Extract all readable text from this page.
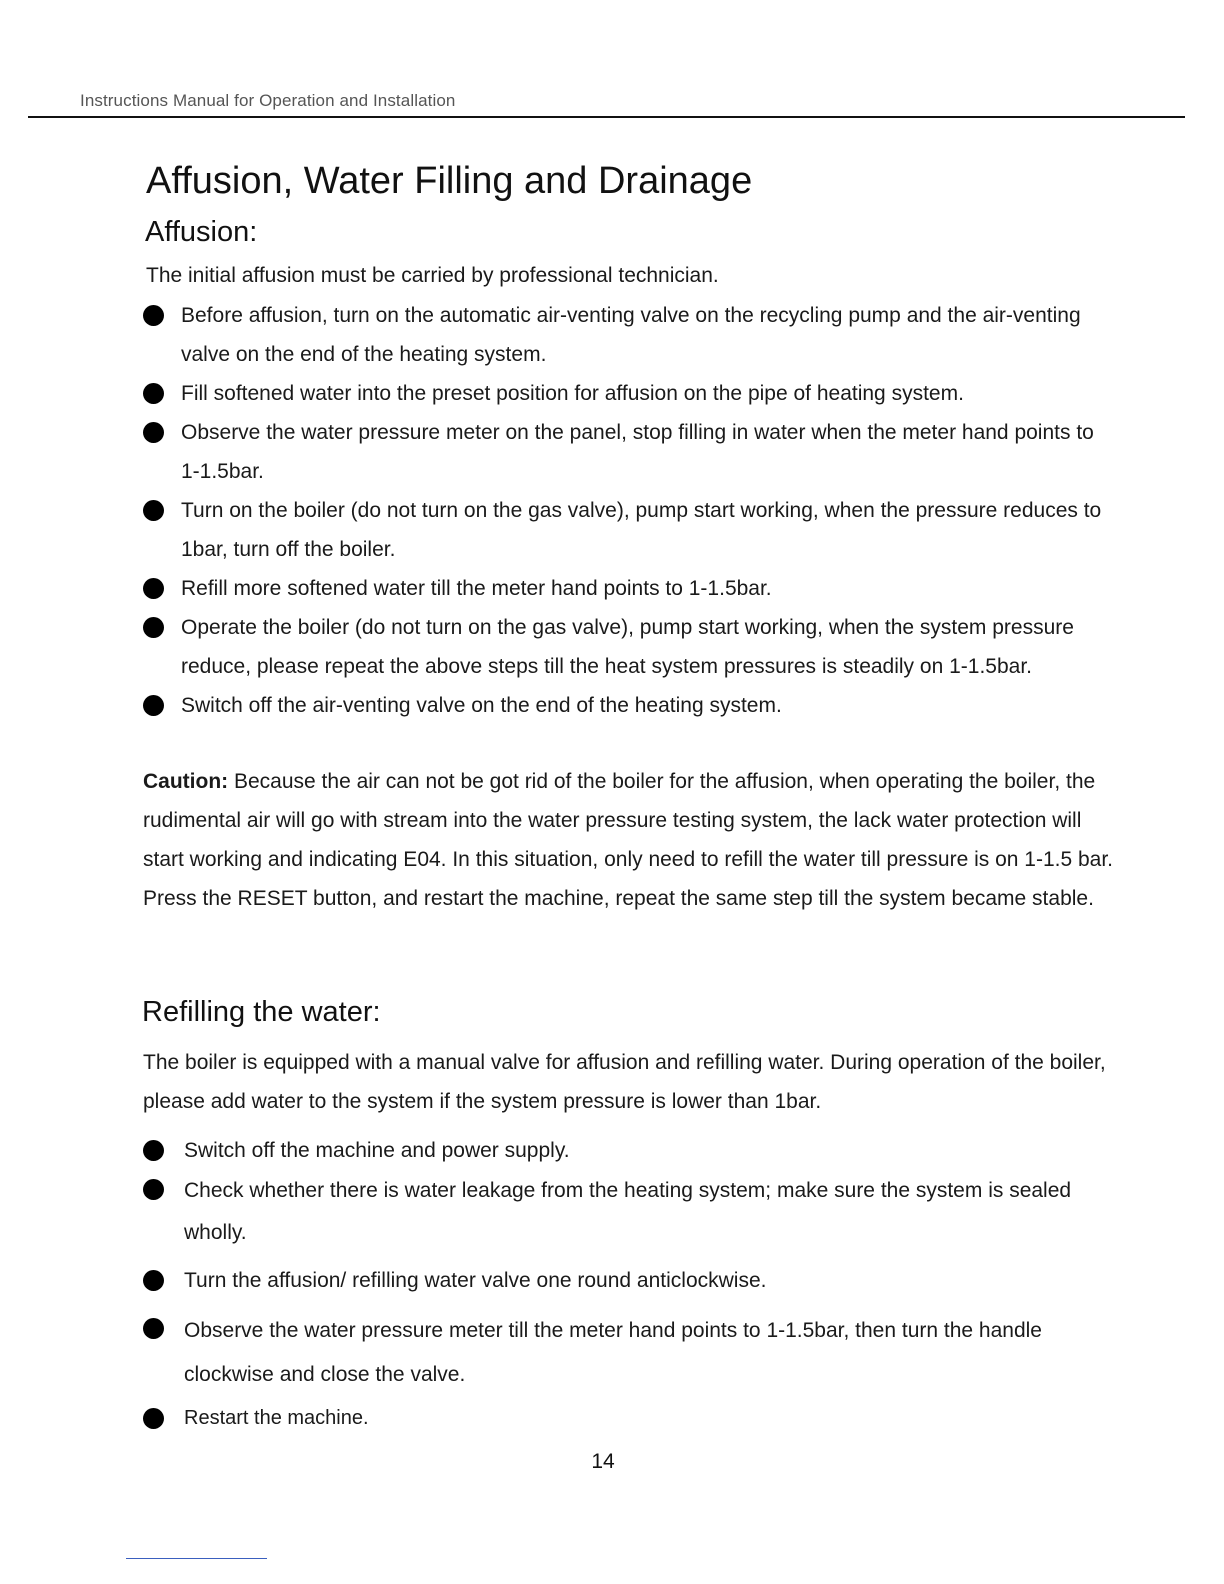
Instructions Manual for Operation and Installation
Affusion, Water Filling and Drainage
Affusion:

The initial affusion must be carried by professional technician.

Before affusion, turn on the automatic air-venting valve on the recycling pump and the air-venting valve on the end of the heating system.
Fill softened water into the preset position for affusion on the pipe of heating system.
Observe the water pressure meter on the panel, stop filling in water when the meter hand points to 1-1.5bar.
Turn on the boiler (do not turn on the gas valve), pump start working, when the pressure reduces to 1bar, turn off the boiler.
Refill more softened water till the meter hand points to 1-1.5bar.
Operate the boiler (do not turn on the gas valve), pump start working, when the system pressure reduce, please repeat the above steps till the heat system pressures is steadily on 1-1.5bar.
Switch off the air-venting valve on the end of the heating system.

Caution: Because the air can not be got rid of the boiler for the affusion, when operating the boiler, the rudimental air will go with stream into the water pressure testing system, the lack water protection will start working and indicating E04. In this situation, only need to refill the water till pressure is on 1-1.5 bar. Press the RESET button, and restart the machine, repeat the same step till the system became stable.

Refilling the water:

The boiler is equipped with a manual valve for affusion and refilling water. During operation of the boiler, please add water to the system if the system pressure is lower than 1bar.

Switch off the machine and power supply.
Check whether there is water leakage from the heating system; make sure the system is sealed wholly.
Turn the affusion/ refilling water valve one round anticlockwise.
Observe the water pressure meter till the meter hand points to 1-1.5bar, then turn the handle clockwise and close the valve.
Restart the machine.
14
